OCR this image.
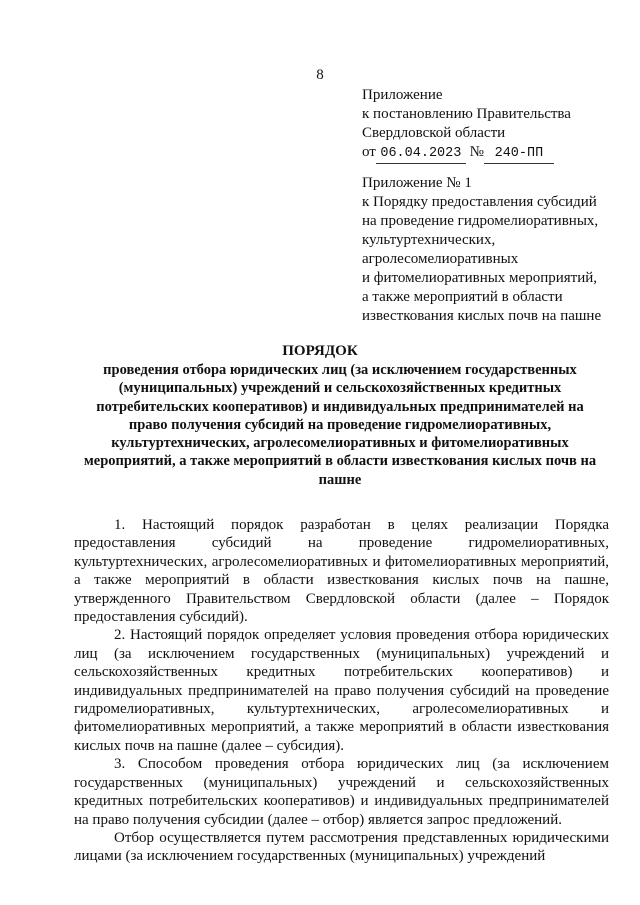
8
Приложение
к постановлению Правительства
Свердловской области
от 06.04.2023 № 240-ПП
Приложение № 1
к Порядку предоставления субсидий
на проведение гидромелиоративных,
культуртехнических,
агролесомелиоративных
и фитомелиоративных мероприятий,
а также мероприятий в области
известкования кислых почв на пашне
ПОРЯДОК
проведения отбора юридических лиц (за исключением государственных (муниципальных) учреждений и сельскохозяйственных кредитных потребительских кооперативов) и индивидуальных предпринимателей на право получения субсидий на проведение гидромелиоративных, культуртехнических, агролесомелиоративных и фитомелиоративных мероприятий, а также мероприятий в области известкования кислых почв на пашне

1. Настоящий порядок разработан в целях реализации Порядка предоставления субсидий на проведение гидромелиоративных, культуртехнических, агролесомелиоративных и фитомелиоративных мероприятий, а также мероприятий в области известкования кислых почв на пашне, утвержденного Правительством Свердловской области (далее – Порядок предоставления субсидий).

2. Настоящий порядок определяет условия проведения отбора юридических лиц (за исключением государственных (муниципальных) учреждений и сельскохозяйственных кредитных потребительских кооперативов) и индивидуальных предпринимателей на право получения субсидий на проведение гидромелиоративных, культуртехнических, агролесомелиоративных и фитомелиоративных мероприятий, а также мероприятий в области известкования кислых почв на пашне (далее – субсидия).

3. Способом проведения отбора юридических лиц (за исключением государственных (муниципальных) учреждений и сельскохозяйственных кредитных потребительских кооперативов) и индивидуальных предпринимателей на право получения субсидии (далее – отбор) является запрос предложений.

Отбор осуществляется путем рассмотрения представленных юридическими лицами (за исключением государственных (муниципальных) учреждений
